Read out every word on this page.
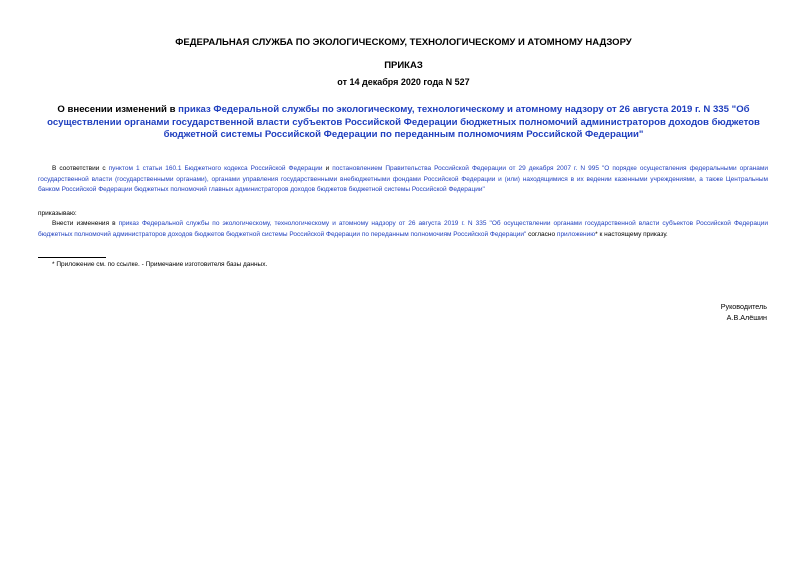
ФЕДЕРАЛЬНАЯ СЛУЖБА ПО ЭКОЛОГИЧЕСКОМУ, ТЕХНОЛОГИЧЕСКОМУ И АТОМНОМУ НАДЗОРУ
ПРИКАЗ
от 14 декабря 2020 года N 527
О внесении изменений в приказ Федеральной службы по экологическому, технологическому и атомному надзору от 26 августа 2019 г. N 335 "Об осуществлении органами государственной власти субъектов Российской Федерации бюджетных полномочий администраторов доходов бюджетов бюджетной системы Российской Федерации по переданным полномочиям Российской Федерации"
В соответствии с пунктом 1 статьи 160.1 Бюджетного кодекса Российской Федерации и постановлением Правительства Российской Федерации от 29 декабря 2007 г. N 995 "О порядке осуществления федеральными органами государственной власти (государственными органами), органами управления государственными внебюджетными фондами Российской Федерации и (или) находящимися в их ведении казенными учреждениями, а также Центральным банком Российской Федерации бюджетных полномочий главных администраторов доходов бюджетов бюджетной системы Российской Федерации"
приказываю:
Внести изменения в приказ Федеральной службы по экологическому, технологическому и атомному надзору от 26 августа 2019 г. N 335 "Об осуществлении органами государственной власти субъектов Российской Федерации бюджетных полномочий администраторов доходов бюджетов бюджетной системы Российской Федерации по переданным полномочиям Российской Федерации" согласно приложению* к настоящему приказу.
* Приложение см. по ссылке. - Примечание изготовителя базы данных.
Руководитель
А.В.Алёшин
